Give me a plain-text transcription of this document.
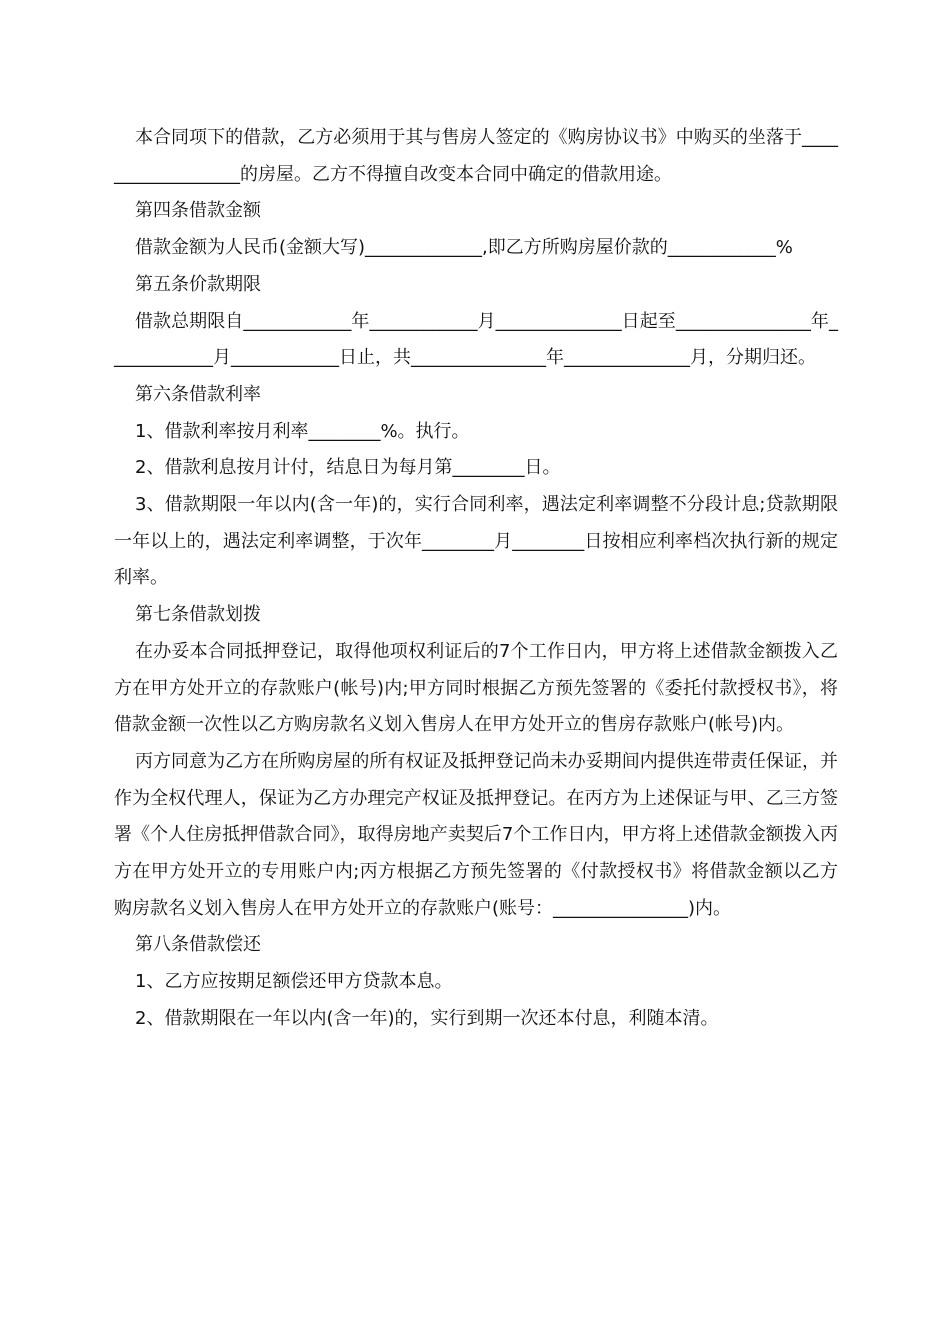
本合同项下的借款，乙方必须用于其与售房人签定的《购房协议书》中购买的坐落于__________________的房屋。乙方不得擅自改变本合同中确定的借款用途。

第四条借款金额

借款金额为人民币(金额大写)_____________,即乙方所购房屋价款的____________%

第五条价款期限

借款总期限自____________年____________月______________日起至_______________年____________月____________日止，共_______________年______________月，分期归还。

第六条借款利率

1、借款利率按月利率________%。执行。

2、借款利息按月计付，结息日为每月第________日。

3、借款期限一年以内(含一年)的，实行合同利率，遇法定利率调整不分段计息;贷款期限一年以上的，遇法定利率调整，于次年________月________日按相应利率档次执行新的规定利率。

第七条借款划拨

在办妥本合同抵押登记，取得他项权利证后的7个工作日内，甲方将上述借款金额拨入乙方在甲方处开立的存款账户(帐号)内;甲方同时根据乙方预先签署的《委托付款授权书》，将借款金额一次性以乙方购房款名义划入售房人在甲方处开立的售房存款账户(帐号)内。

丙方同意为乙方在所购房屋的所有权证及抵押登记尚未办妥期间内提供连带责任保证，并作为全权代理人，保证为乙方办理完产权证及抵押登记。在丙方为上述保证与甲、乙三方签署《个人住房抵押借款合同》，取得房地产卖契后7个工作日内，甲方将上述借款金额拨入丙方在甲方处开立的专用账户内;丙方根据乙方预先签署的《付款授权书》将借款金额以乙方购房款名义划入售房人在甲方处开立的存款账户(账号：_______________)内。

第八条借款偿还

1、乙方应按期足额偿还甲方贷款本息。

2、借款期限在一年以内(含一年)的，实行到期一次还本付息，利随本清。
